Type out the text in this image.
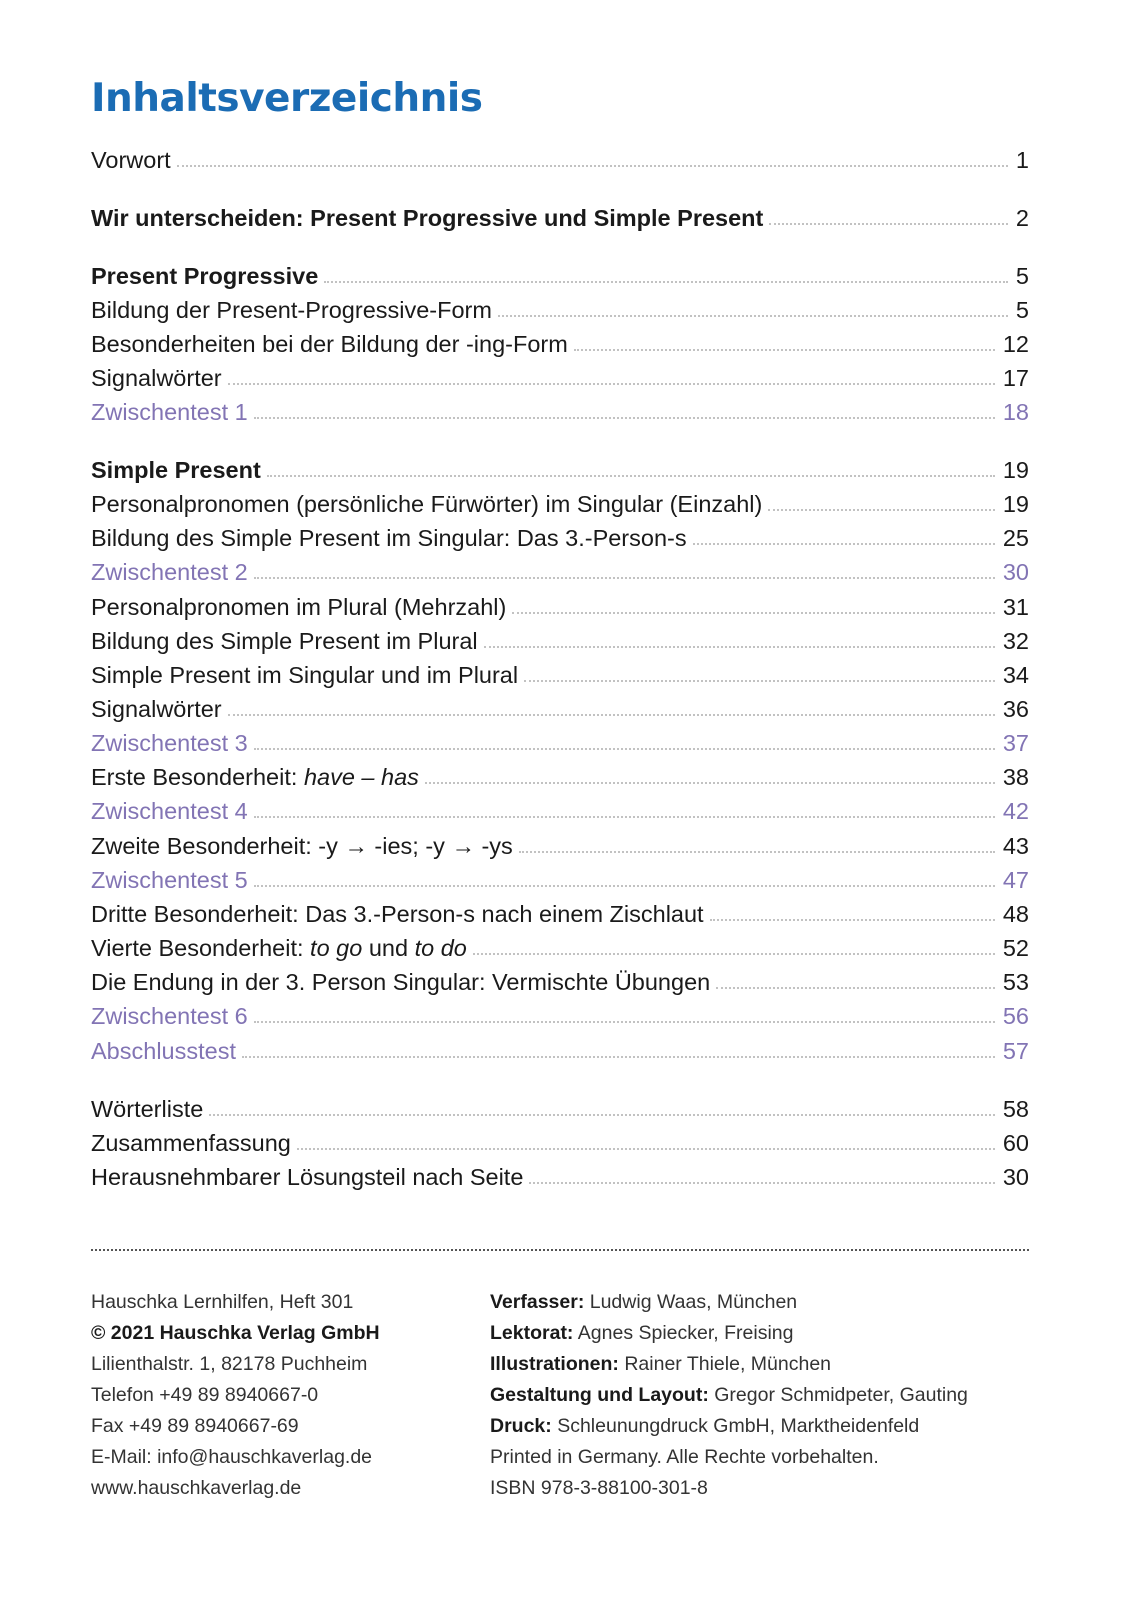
Inhaltsverzeichnis
Vorwort	1
Wir unterscheiden: Present Progressive und Simple Present	2
Present Progressive	5
Bildung der Present-Progressive-Form	5
Besonderheiten bei der Bildung der -ing-Form	12
Signalwörter	17
Zwischentest 1	18
Simple Present	19
Personalpronomen (persönliche Fürwörter) im Singular (Einzahl)	19
Bildung des Simple Present im Singular: Das 3.-Person-s	25
Zwischentest 2	30
Personalpronomen im Plural (Mehrzahl)	31
Bildung des Simple Present im Plural	32
Simple Present im Singular und im Plural	34
Signalwörter	36
Zwischentest 3	37
Erste Besonderheit: have – has	38
Zwischentest 4	42
Zweite Besonderheit: -y → -ies; -y → -ys	43
Zwischentest 5	47
Dritte Besonderheit: Das 3.-Person-s nach einem Zischlaut	48
Vierte Besonderheit: to go und to do	52
Die Endung in der 3. Person Singular: Vermischte Übungen	53
Zwischentest 6	56
Abschlusstest	57
Wörterliste	58
Zusammenfassung	60
Herausnehmbarer Lösungsteil nach Seite	30
Hauschka Lernhilfen, Heft 301
© 2021 Hauschka Verlag GmbH
Lilienthalstr. 1, 82178 Puchheim
Telefon +49 89 8940667-0
Fax +49 89 8940667-69
E-Mail: info@hauschkaverlag.de
www.hauschkaverlag.de
Verfasser: Ludwig Waas, München
Lektorat: Agnes Spiecker, Freising
Illustrationen: Rainer Thiele, München
Gestaltung und Layout: Gregor Schmidpeter, Gauting
Druck: Schleunungdruck GmbH, Marktheidenfeld
Printed in Germany. Alle Rechte vorbehalten.
ISBN 978-3-88100-301-8
